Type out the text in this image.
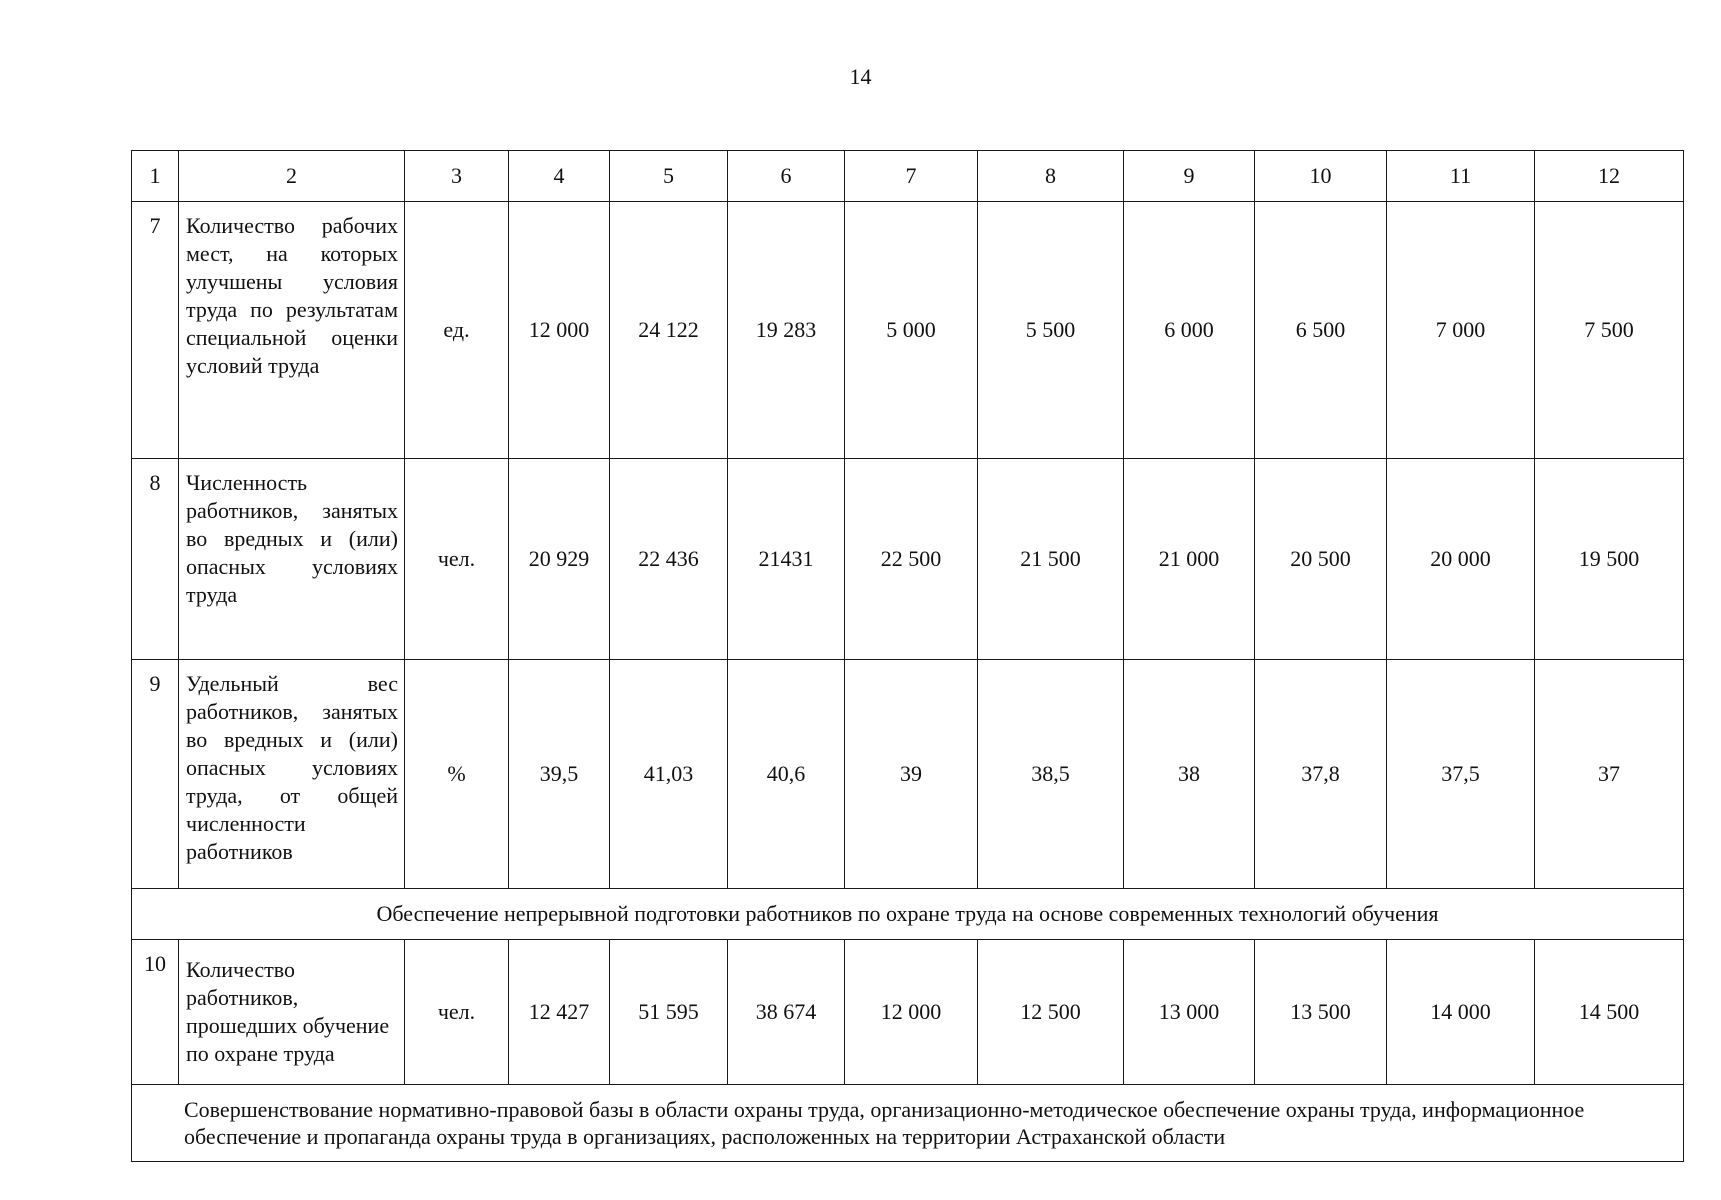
14
1	2	3	4	5	6	7	8	9	10	11	12
7	Количество рабочих мест, на которых улучшены условия труда по результатам специальной оценки условий труда	ед.	12 000	24 122	19 283	5 000	5 500	6 000	6 500	7 000	7 500
8	Численность работников, занятых во вредных и (или) опасных условиях труда	чел.	20 929	22 436	21431	22 500	21 500	21 000	20 500	20 000	19 500
9	Удельный вес работников, занятых во вредных и (или) опасных условиях труда, от общей численности работников	%	39,5	41,03	40,6	39	38,5	38	37,8	37,5	37
Обеспечение непрерывной подготовки работников по охране труда на основе современных технологий обучения											
10	Количество работников, прошедших обучение по охране труда	чел.	12 427	51 595	38 674	12 000	12 500	13 000	13 500	14 000	14 500
Совершенствование нормативно-правовой базы в области охраны труда, организационно-методическое обеспечение охраны труда, информационное обеспечение и пропаганда охраны труда в организациях, расположенных на территории Астраханской области											
